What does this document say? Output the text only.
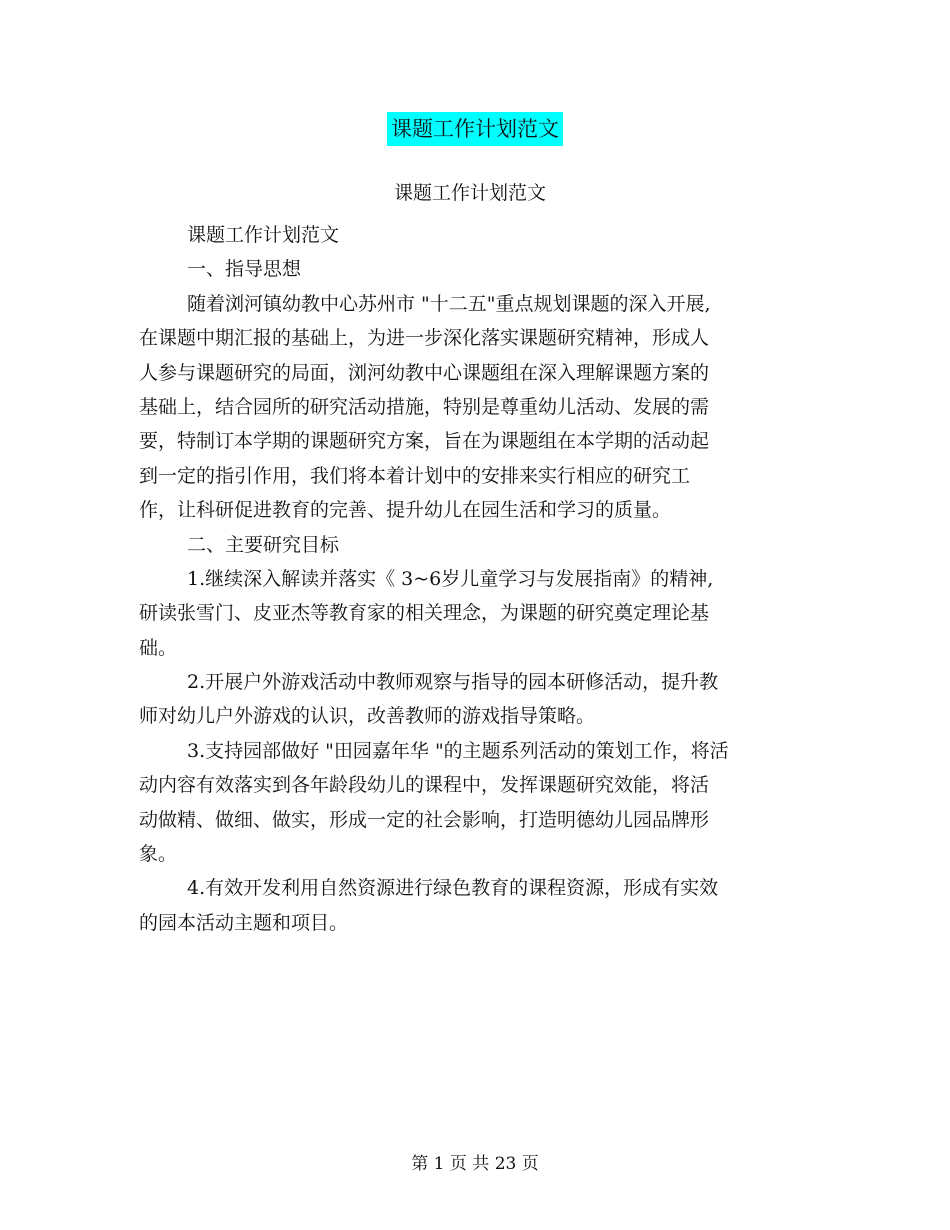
课题工作计划范文
课题工作计划范文
课题工作计划范文
一、指导思想
随着浏河镇幼教中心苏州市 "十二五"重点规划课题的深入开展,
在课题中期汇报的基础上，为进一步深化落实课题研究精神，形成人
人参与课题研究的局面，浏河幼教中心课题组在深入理解课题方案的
基础上，结合园所的研究活动措施，特别是尊重幼儿活动、发展的需
要，特制订本学期的课题研究方案，旨在为课题组在本学期的活动起
到一定的指引作用，我们将本着计划中的安排来实行相应的研究工
作，让科研促进教育的完善、提升幼儿在园生活和学习的质量。
二、主要研究目标
1.继续深入解读并落实《 3~6岁儿童学习与发展指南》的精神,
研读张雪门、皮亚杰等教育家的相关理念，为课题的研究奠定理论基
础。
2.开展户外游戏活动中教师观察与指导的园本研修活动，提升教
师对幼儿户外游戏的认识，改善教师的游戏指导策略。
3.支持园部做好 "田园嘉年华 "的主题系列活动的策划工作，将活
动内容有效落实到各年龄段幼儿的课程中，发挥课题研究效能，将活
动做精、做细、做实，形成一定的社会影响，打造明德幼儿园品牌形
象。
4.有效开发利用自然资源进行绿色教育的课程资源，形成有实效
的园本活动主题和项目。
第 1 页 共 23 页
